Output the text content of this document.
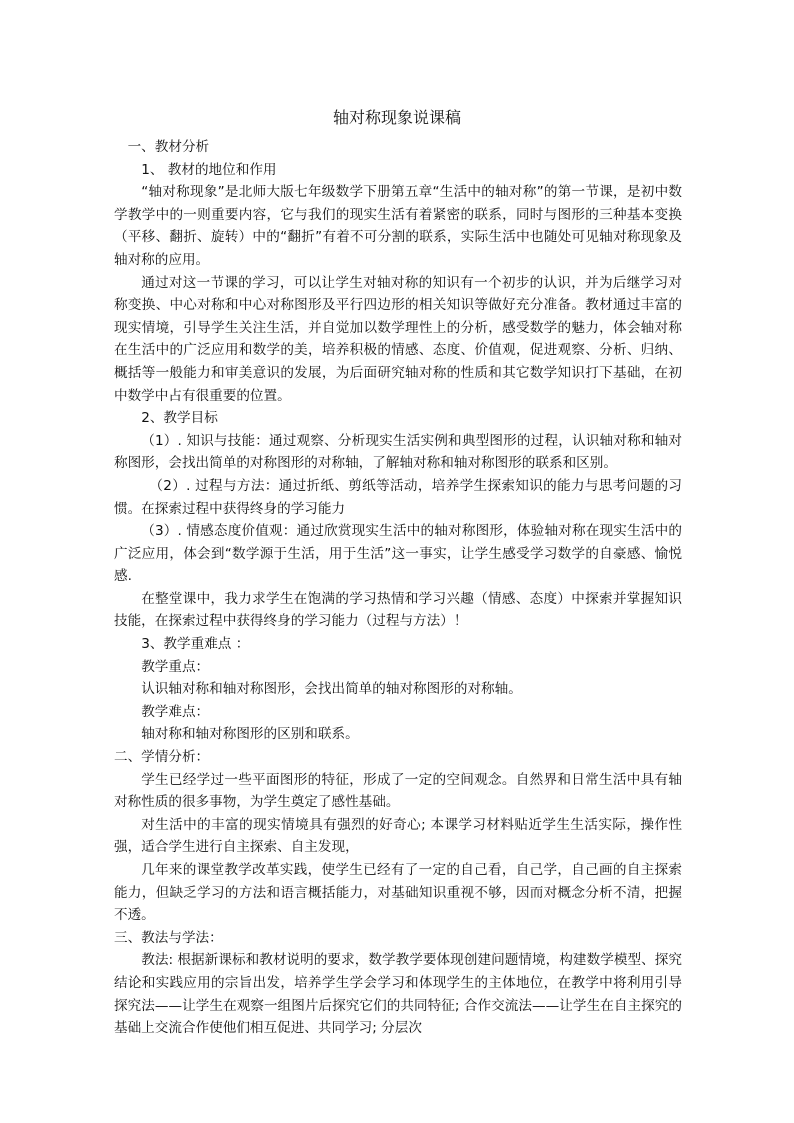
轴对称现象说课稿

一、教材分析

1、 教材的地位和作用

“轴对称现象”是北师大版七年级数学下册第五章“生活中的轴对称”的第一节课，是初中数学教学中的一则重要内容，它与我们的现实生活有着紧密的联系，同时与图形的三种基本变换（平移、翻折、旋转）中的“翻折”有着不可分割的联系，实际生活中也随处可见轴对称现象及轴对称的应用。

通过对这一节课的学习，可以让学生对轴对称的知识有一个初步的认识，并为后继学习对称变换、中心对称和中心对称图形及平行四边形的相关知识等做好充分准备。教材通过丰富的现实情境，引导学生关注生活，并自觉加以数学理性上的分析，感受数学的魅力，体会轴对称在生活中的广泛应用和数学的美，培养积极的情感、态度、价值观，促进观察、分析、归纳、概括等一般能力和审美意识的发展，为后面研究轴对称的性质和其它数学知识打下基础，在初中数学中占有很重要的位置。

2、教学目标

（1）. 知识与技能：通过观察、分析现实生活实例和典型图形的过程，认识轴对称和轴对称图形，会找出简单的对称图形的对称轴，了解轴对称和轴对称图形的联系和区别。

（2）. 过程与方法：通过折纸、剪纸等活动，培养学生探索知识的能力与思考问题的习惯。在探索过程中获得终身的学习能力

（3）. 情感态度价值观：通过欣赏现实生活中的轴对称图形，体验轴对称在现实生活中的广泛应用，体会到“数学源于生活，用于生活”这一事实，让学生感受学习数学的自豪感、愉悦感.

在整堂课中，我力求学生在饱满的学习热情和学习兴趣（情感、态度）中探索并掌握知识技能，在探索过程中获得终身的学习能力（过程与方法）！

3、教学重难点 ：

教学重点：

认识轴对称和轴对称图形，会找出简单的轴对称图形的对称轴。

教学难点：

轴对称和轴对称图形的区别和联系。

二、学情分析：

学生已经学过一些平面图形的特征，形成了一定的空间观念。自然界和日常生活中具有轴对称性质的很多事物，为学生奠定了感性基础。

对生活中的丰富的现实情境具有强烈的好奇心; 本课学习材料贴近学生生活实际，操作性强，适合学生进行自主探索、自主发现，

几年来的课堂教学改革实践，使学生已经有了一定的自己看，自己学，自己画的自主探索能力，但缺乏学习的方法和语言概括能力，对基础知识重视不够，因而对概念分析不清，把握不透。

三、教法与学法：

教法: 根据新课标和教材说明的要求，数学教学要体现创建问题情境，构建数学模型、探究结论和实践应用的宗旨出发，培养学生学会学习和体现学生的主体地位，在教学中将利用引导探究法——让学生在观察一组图片后探究它们的共同特征; 合作交流法——让学生在自主探究的基础上交流合作使他们相互促进、共同学习; 分层次
